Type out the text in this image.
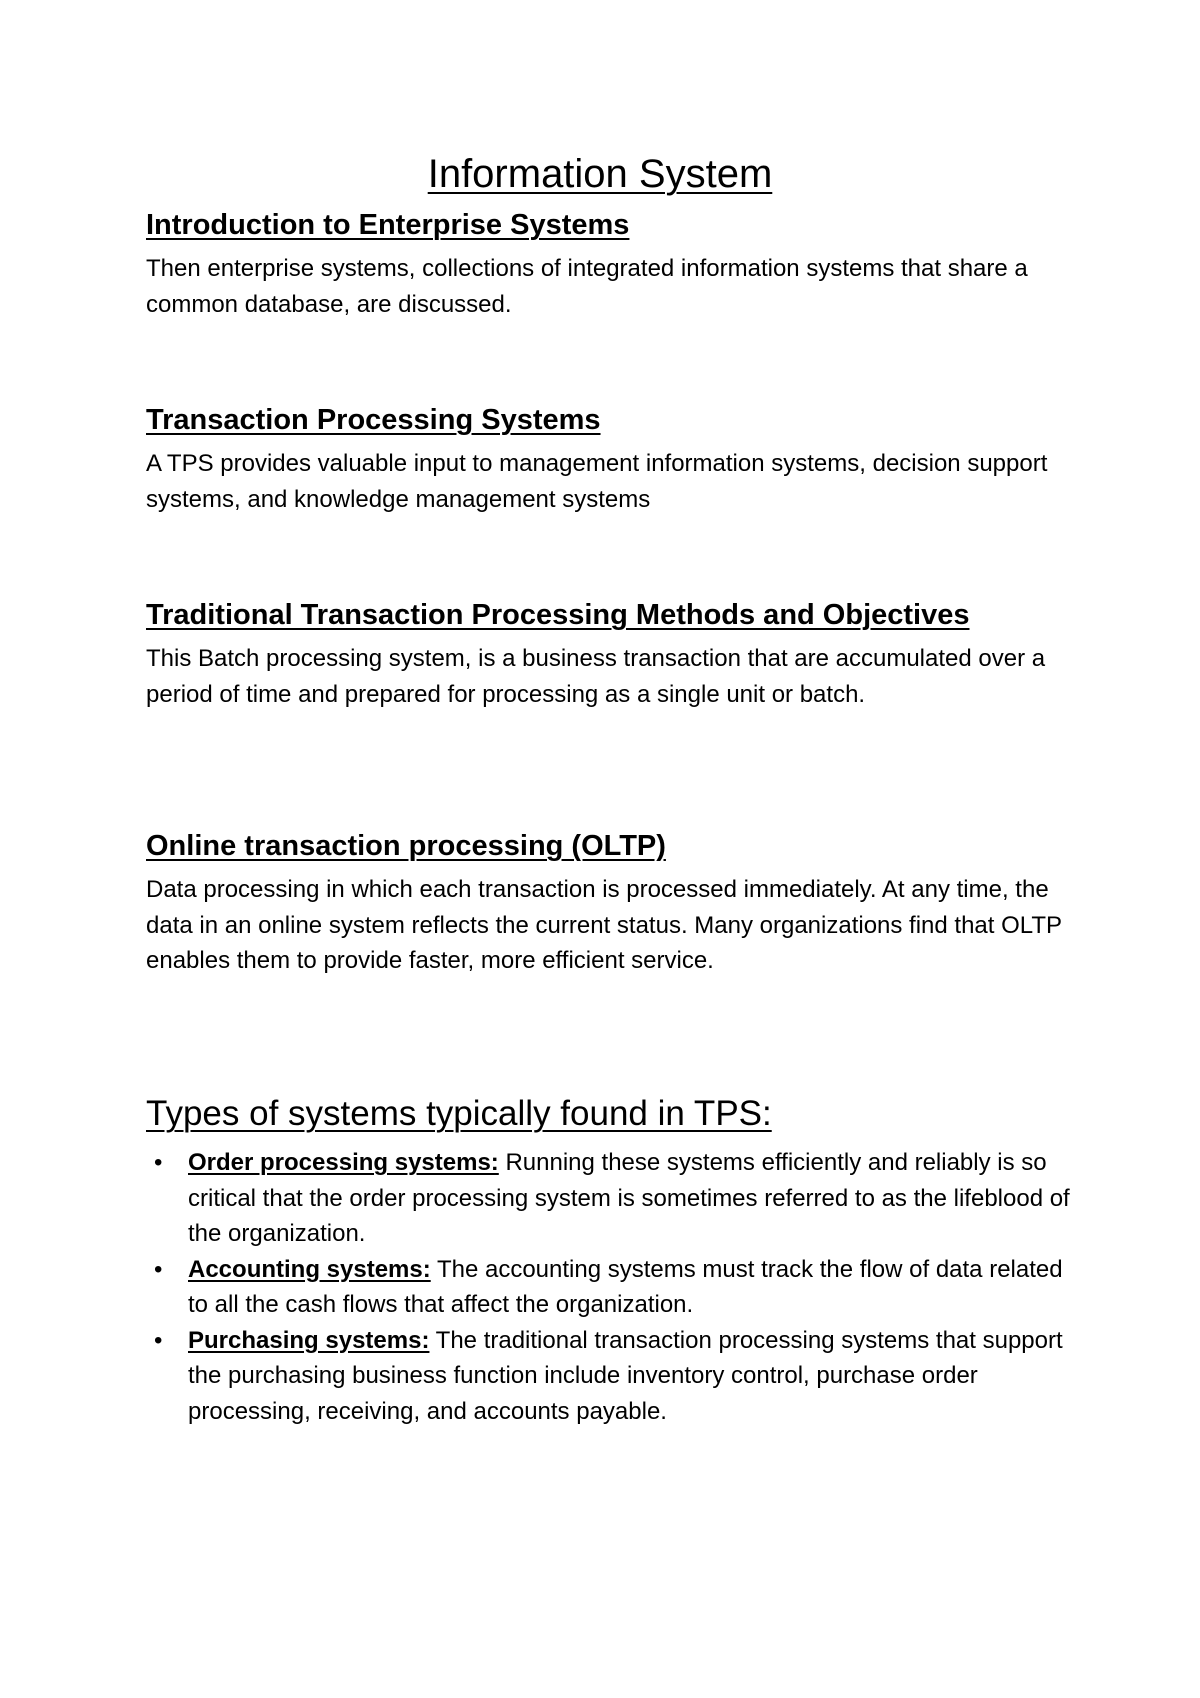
Information System
Introduction to Enterprise Systems

Then enterprise systems, collections of integrated information systems that share a common database, are discussed.

Transaction Processing Systems

A TPS provides valuable input to management information systems, decision support systems, and knowledge management systems

Traditional Transaction Processing Methods and Objectives

This Batch processing system, is a business transaction that are accumulated over a period of time and prepared for processing as a single unit or batch.

Online transaction processing (OLTP)

Data processing in which each transaction is processed immediately. At any time, the data in an online system reflects the current status. Many organizations find that OLTP enables them to provide faster, more efficient service.

Types of systems typically found in TPS:
• Order processing systems: Running these systems efficiently and reliably is so critical that the order processing system is sometimes referred to as the lifeblood of the organization.
• Accounting systems: The accounting systems must track the flow of data related to all the cash flows that affect the organization.
• Purchasing systems: The traditional transaction processing systems that support the purchasing business function include inventory control, purchase order processing, receiving, and accounts payable.
